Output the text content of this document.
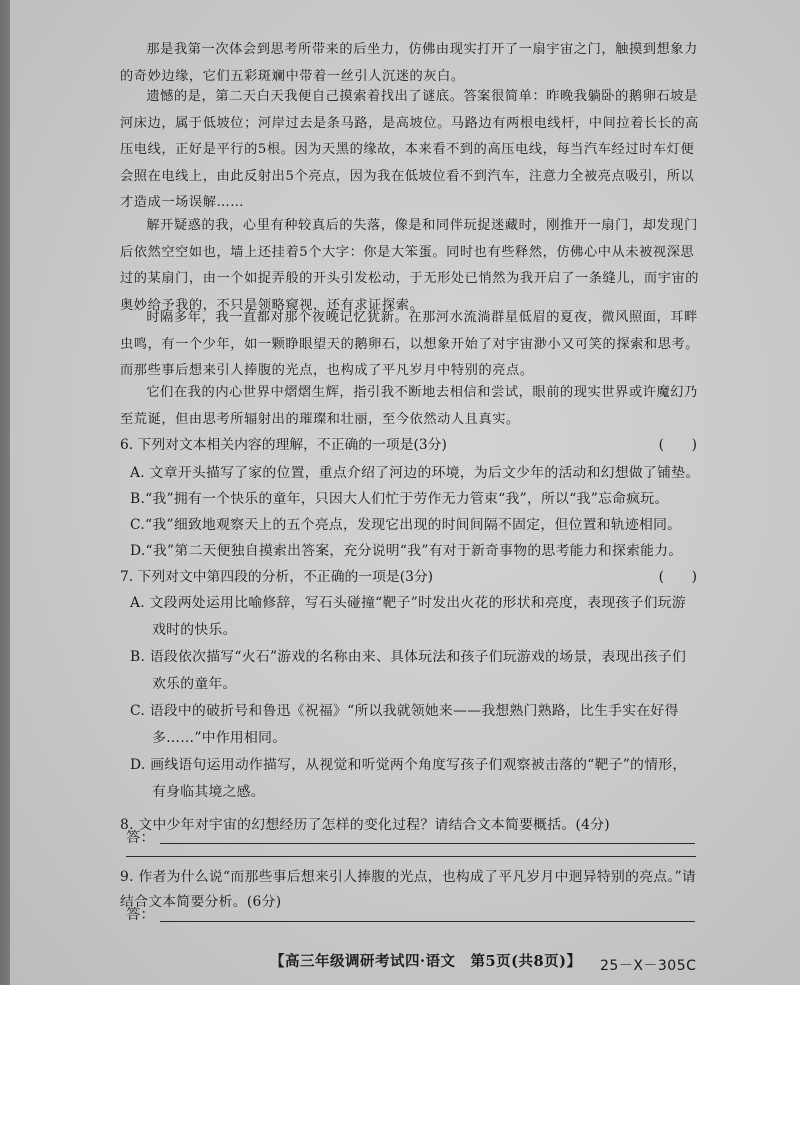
那是我第一次体会到思考所带来的后坐力，仿佛由现实打开了一扇宇宙之门，触摸到想象力的奇妙边缘，它们五彩斑斓中带着一丝引人沉迷的灰白。
遗憾的是，第二天白天我便自己摸索着找出了谜底。答案很简单：昨晚我躺卧的鹅卵石坡是河床边，属于低坡位；河岸过去是条马路，是高坡位。马路边有两根电线杆，中间拉着长长的高压电线，正好是平行的5根。因为天黑的缘故，本来看不到的高压电线，每当汽车经过时车灯便会照在电线上，由此反射出5个亮点，因为我在低坡位看不到汽车，注意力全被亮点吸引，所以才造成一场误解……
解开疑惑的我，心里有种较真后的失落，像是和同伴玩捉迷藏时，刚推开一扇门，却发现门后依然空空如也，墙上还挂着5个大字：你是大笨蛋。同时也有些释然，仿佛心中从未被视深思过的某扇门，由一个如捉弄般的开头引发松动，于无形处已悄然为我开启了一条缝儿，而宇宙的奥妙给予我的，不只是领略窥视，还有求证探索。
时隔多年，我一直都对那个夜晚记忆犹新。在那河水流淌群星低眉的夏夜，微风照面，耳畔虫鸣，有一个少年，如一颗睁眼望天的鹅卵石，以想象开始了对宇宙渺小又可笑的探索和思考。而那些事后想来引人捧腹的光点，也构成了平凡岁月中特别的亮点。
它们在我的内心世界中熠熠生辉，指引我不断地去相信和尝试，眼前的现实世界或许魔幻乃至荒诞，但由思考所辐射出的璀璨和壮丽，至今依然动人且真实。
6. 下列对文本相关内容的理解，不正确的一项是(3分)	(　　)
A. 文章开头描写了家的位置，重点介绍了河边的环境，为后文少年的活动和幻想做了铺垫。
B.“我”拥有一个快乐的童年，只因大人们忙于劳作无力管束“我”，所以“我”忘命疯玩。
C.“我”细致地观察天上的五个亮点，发现它出现的时间间隔不固定，但位置和轨迹相同。
D.“我”第二天便独自摸索出答案，充分说明“我”有对于新奇事物的思考能力和探索能力。
7. 下列对文中第四段的分析，不正确的一项是(3分)	(　　)
A. 文段两处运用比喻修辞，写石头碰撞“靶子”时发出火花的形状和亮度，表现孩子们玩游戏时的快乐。
B. 语段依次描写“火石”游戏的名称由来、具体玩法和孩子们玩游戏的场景，表现出孩子们欢乐的童年。
C. 语段中的破折号和鲁迅《祝福》“所以我就领她来——我想熟门熟路，比生手实在好得多……”中作用相同。
D. 画线语句运用动作描写，从视觉和听觉两个角度写孩子们观察被击落的“靶子”的情形，有身临其境之感。
8. 文中少年对宇宙的幻想经历了怎样的变化过程？请结合文本简要概括。(4分)
答：
9. 作者为什么说“而那些事后想来引人捧腹的光点，也构成了平凡岁月中迥异特别的亮点。”请结合文本简要分析。(6分)
答：
【高三年级调研考试四·语文　第5页(共8页)】 25－X－305C
